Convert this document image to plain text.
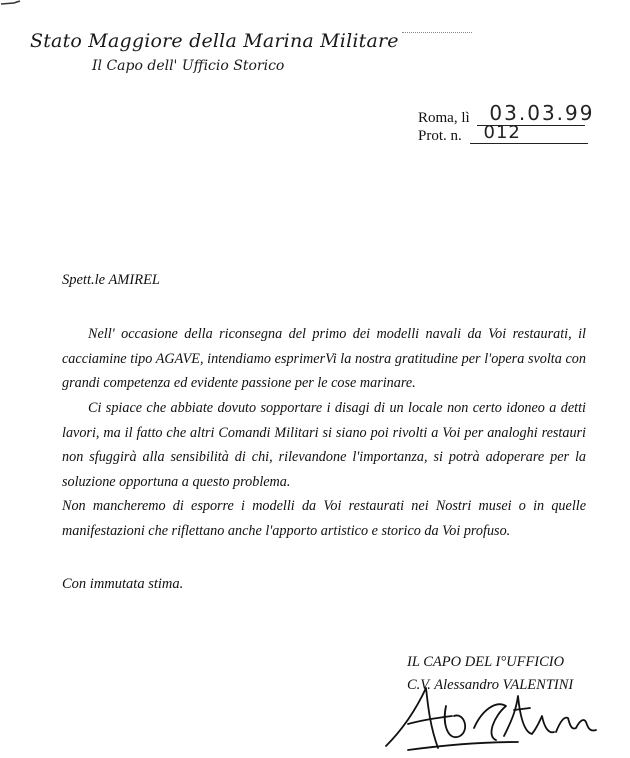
Stato Maggiore della Marina Militare
Il Capo dell' Ufficio Storico
Roma, lì 03.03.99
Prot. n. 012
Spett.le AMIREL
Nell' occasione della riconsegna del primo dei modelli navali da Voi restaurati, il cacciamine tipo AGAVE, intendiamo esprimerVi la nostra gratitudine per l'opera svolta con grandi competenza ed evidente passione per le cose marinare.
Ci spiace che abbiate dovuto sopportare i disagi di un locale non certo idoneo a detti lavori, ma il fatto che altri Comandi Militari si siano poi rivolti a Voi per analoghi restauri non sfuggirà alla sensibilità di chi, rilevandone l'importanza, si potrà adoperare per la soluzione opportuna a questo problema.
Non mancheremo di esporre i modelli da Voi restaurati nei Nostri musei o in quelle manifestazioni che riflettano anche l'apporto artistico e storico da Voi profuso.
Con immutata stima.
IL CAPO DEL I°UFFICIO
C.V. Alessandro VALENTINI
